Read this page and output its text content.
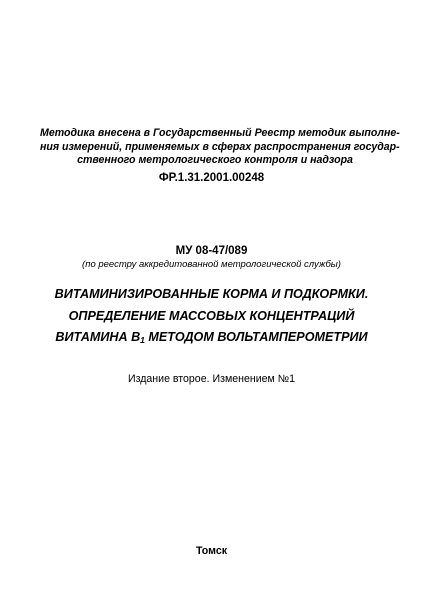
Методика внесена в Государственный Реестр методик выполне-
ния измерений, применяемых в сферах распространения государ-
ственного метрологического контроля и надзора
ФР.1.31.2001.00248
МУ 08-47/089
(по реестру аккредитованной метрологической службы)
ВИТАМИНИЗИРОВАННЫЕ КОРМА И ПОДКОРМКИ.
ОПРЕДЕЛЕНИЕ МАССОВЫХ КОНЦЕНТРАЦИЙ
ВИТАМИНА $В_1$ МЕТОДОМ ВОЛЬТАМПЕРОМЕТРИИ
Издание второе. Изменением №1
Томск
